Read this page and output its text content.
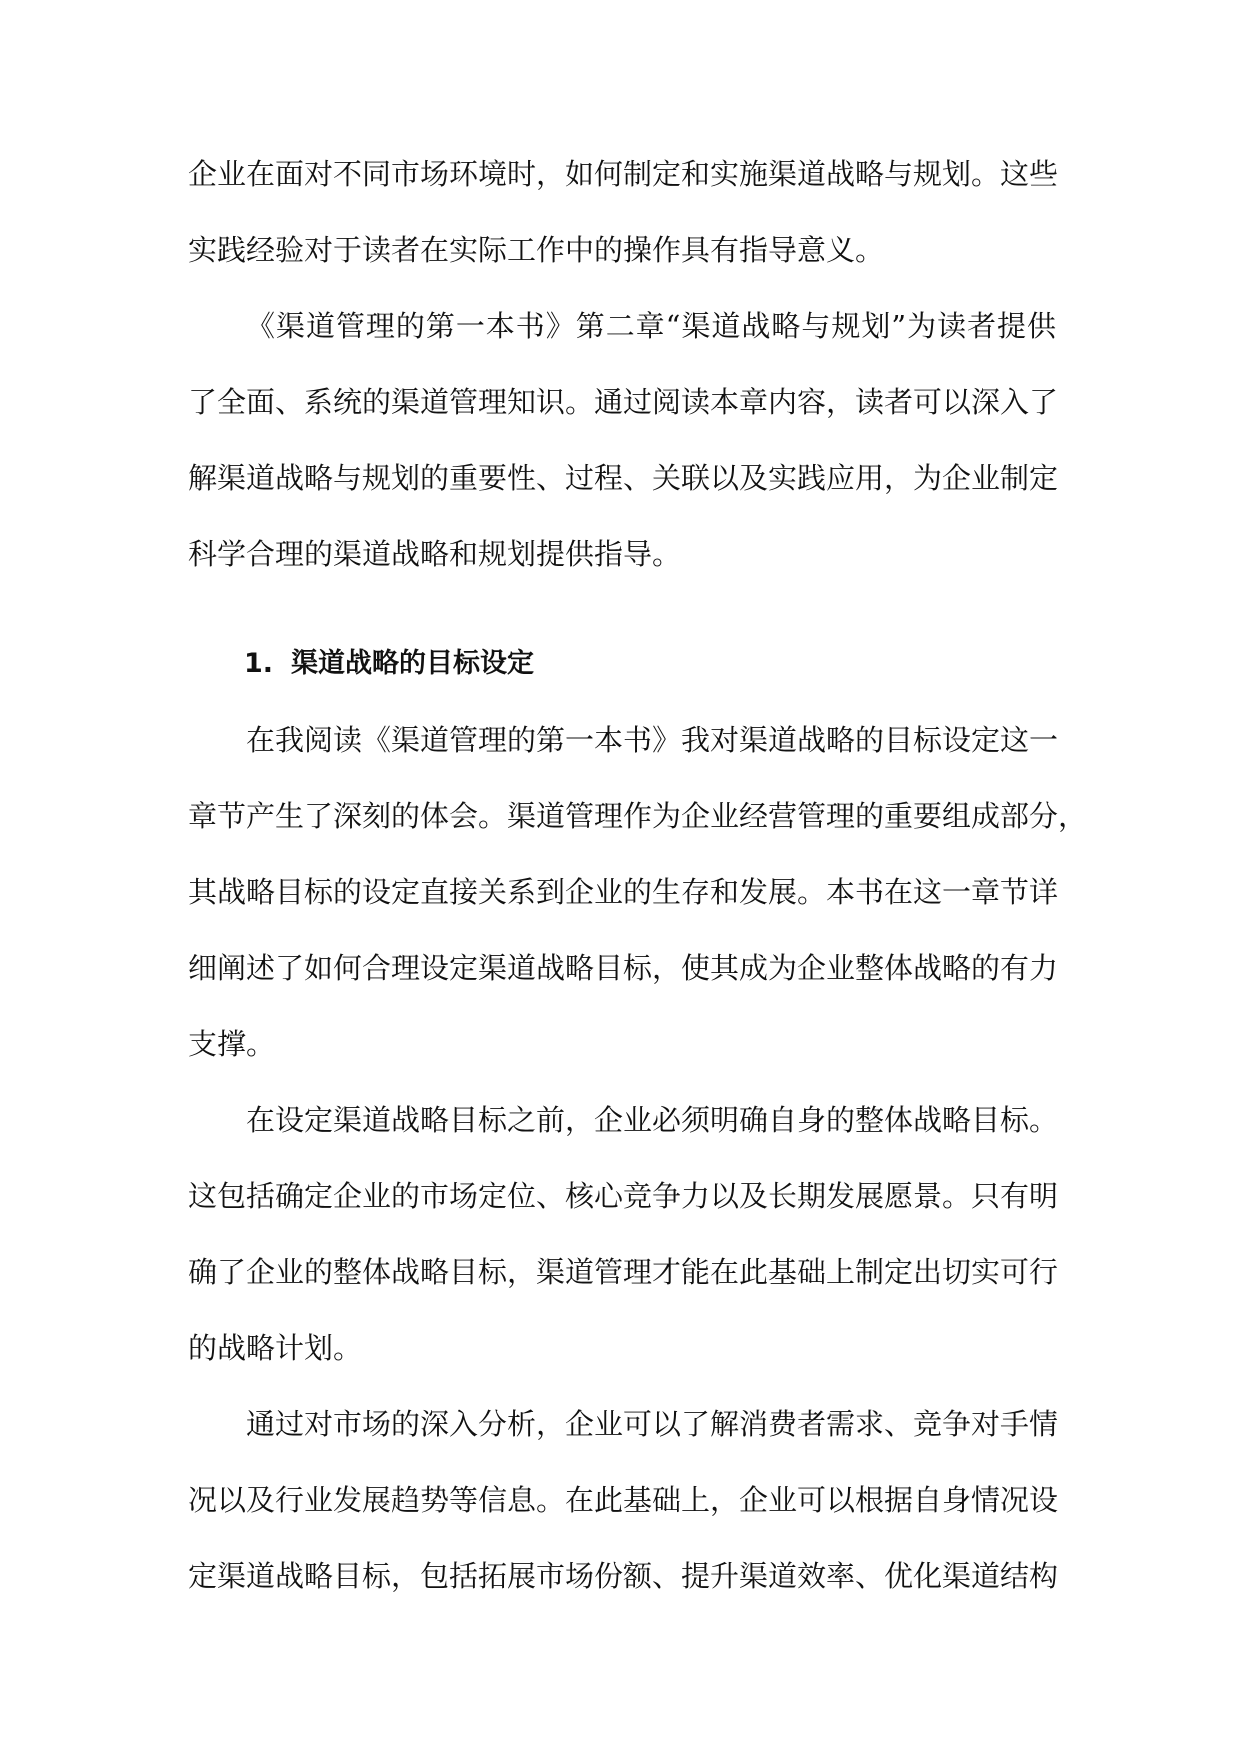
企业在面对不同市场环境时，如何制定和实施渠道战略与规划。这些
实践经验对于读者在实际工作中的操作具有指导意义。
《渠道管理的第一本书》第二章“渠道战略与规划”为读者提供
了全面、系统的渠道管理知识。通过阅读本章内容，读者可以深入了
解渠道战略与规划的重要性、过程、关联以及实践应用，为企业制定
科学合理的渠道战略和规划提供指导。
1. 渠道战略的目标设定
在我阅读《渠道管理的第一本书》我对渠道战略的目标设定这一
章节产生了深刻的体会。渠道管理作为企业经营管理的重要组成部分，
其战略目标的设定直接关系到企业的生存和发展。本书在这一章节详
细阐述了如何合理设定渠道战略目标，使其成为企业整体战略的有力
支撑。
在设定渠道战略目标之前，企业必须明确自身的整体战略目标。
这包括确定企业的市场定位、核心竞争力以及长期发展愿景。只有明
确了企业的整体战略目标，渠道管理才能在此基础上制定出切实可行
的战略计划。
通过对市场的深入分析，企业可以了解消费者需求、竞争对手情
况以及行业发展趋势等信息。在此基础上，企业可以根据自身情况设
定渠道战略目标，包括拓展市场份额、提升渠道效率、优化渠道结构
